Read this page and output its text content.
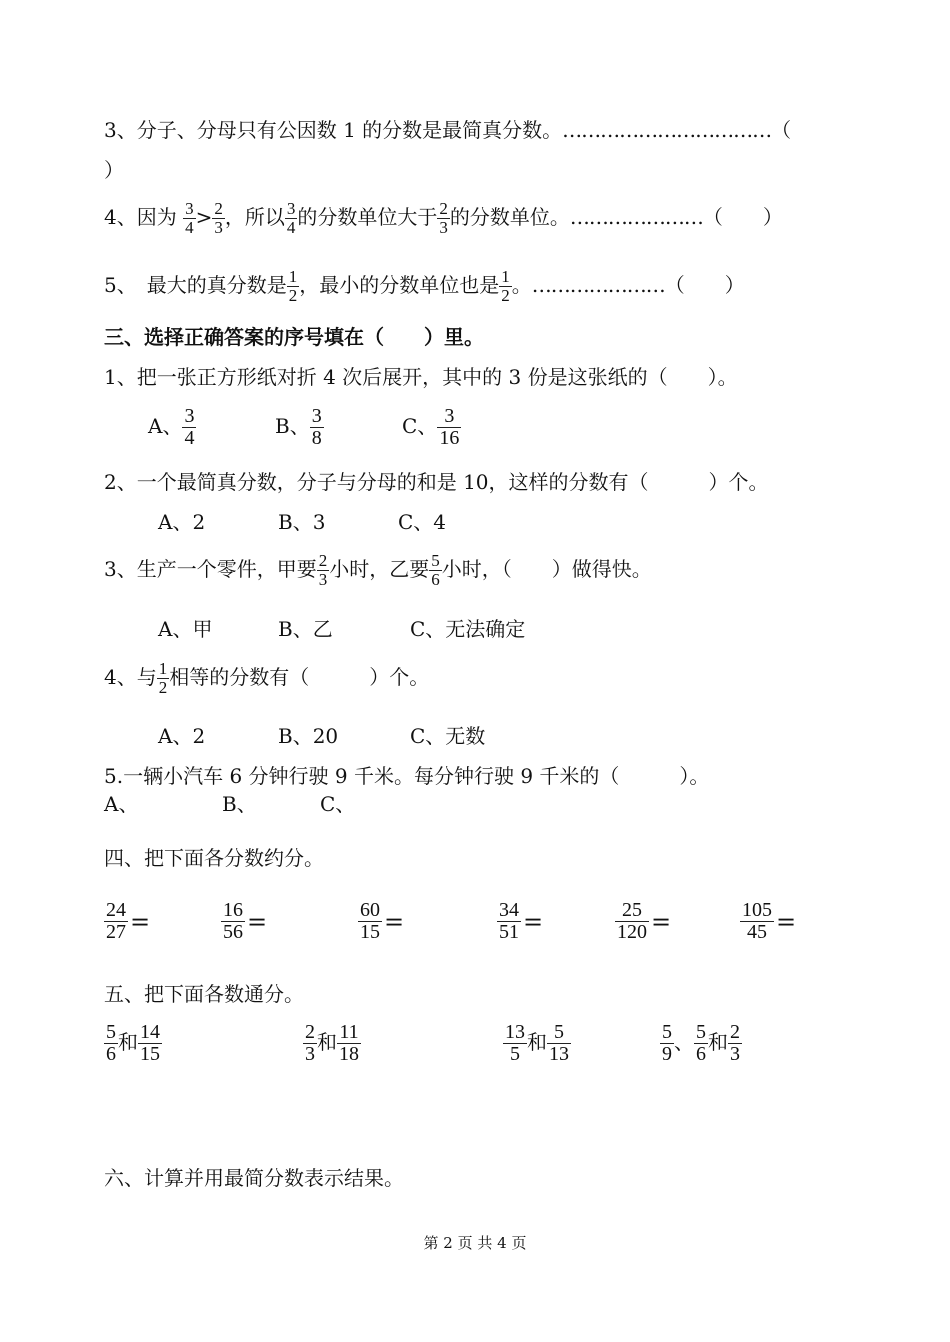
3、分子、分母只有公因数 1 的分数是最简真分数。……………………………（
）
4、因为 $\frac{3}{4} > \frac{2}{3}$ ，所以 $\frac{3}{4}$ 的分数单位大于 $\frac{2}{3}$ 的分数单位。…………………（　　）
5、　最大的真分数是 $\frac{1}{2}$ ，最小的分数单位也是 $\frac{1}{2}$ 。…………………（　　）
三、选择正确答案的序号填在（　　）里。
1、把一张正方形纸对折 4 次后展开，其中的 3 份是这张纸的（　　）。
A、 $\frac{3}{4}$	B、 $\frac{3}{8}$	C、 $\frac{3}{16}$
2、一个最简真分数，分子与分母的和是 10，这样的分数有（　　　）个。
A、2	B、3	C、4
3、生产一个零件，甲要 $\frac{2}{3}$ 小时，乙要 $\frac{5}{6}$ 小时，（　　）做得快。
A、甲	B、乙	C、无法确定
4、与 $\frac{1}{2}$ 相等的分数有（　　　）个。
A、2	B、20	C、无数
5.一辆小汽车 6 分钟行驶 9 千米。每分钟行驶 9 千米的（　　　）。
A、	B、	C、
四、把下面各分数约分。
$\frac{24}{27}$ =	$\frac{16}{56}$ =	$\frac{60}{15}$ =	$\frac{34}{51}$ =	$\frac{25}{120}$ =	$\frac{105}{45}$ =
五、把下面各数通分。
$\frac{5}{6}$ 和 $\frac{14}{15}$	$\frac{2}{3}$ 和 $\frac{11}{18}$	$\frac{13}{5}$ 和 $\frac{5}{13}$	$\frac{5}{9}$ 、 $\frac{5}{6}$ 和 $\frac{2}{3}$
六、计算并用最简分数表示结果。
第 2 页 共 4 页
